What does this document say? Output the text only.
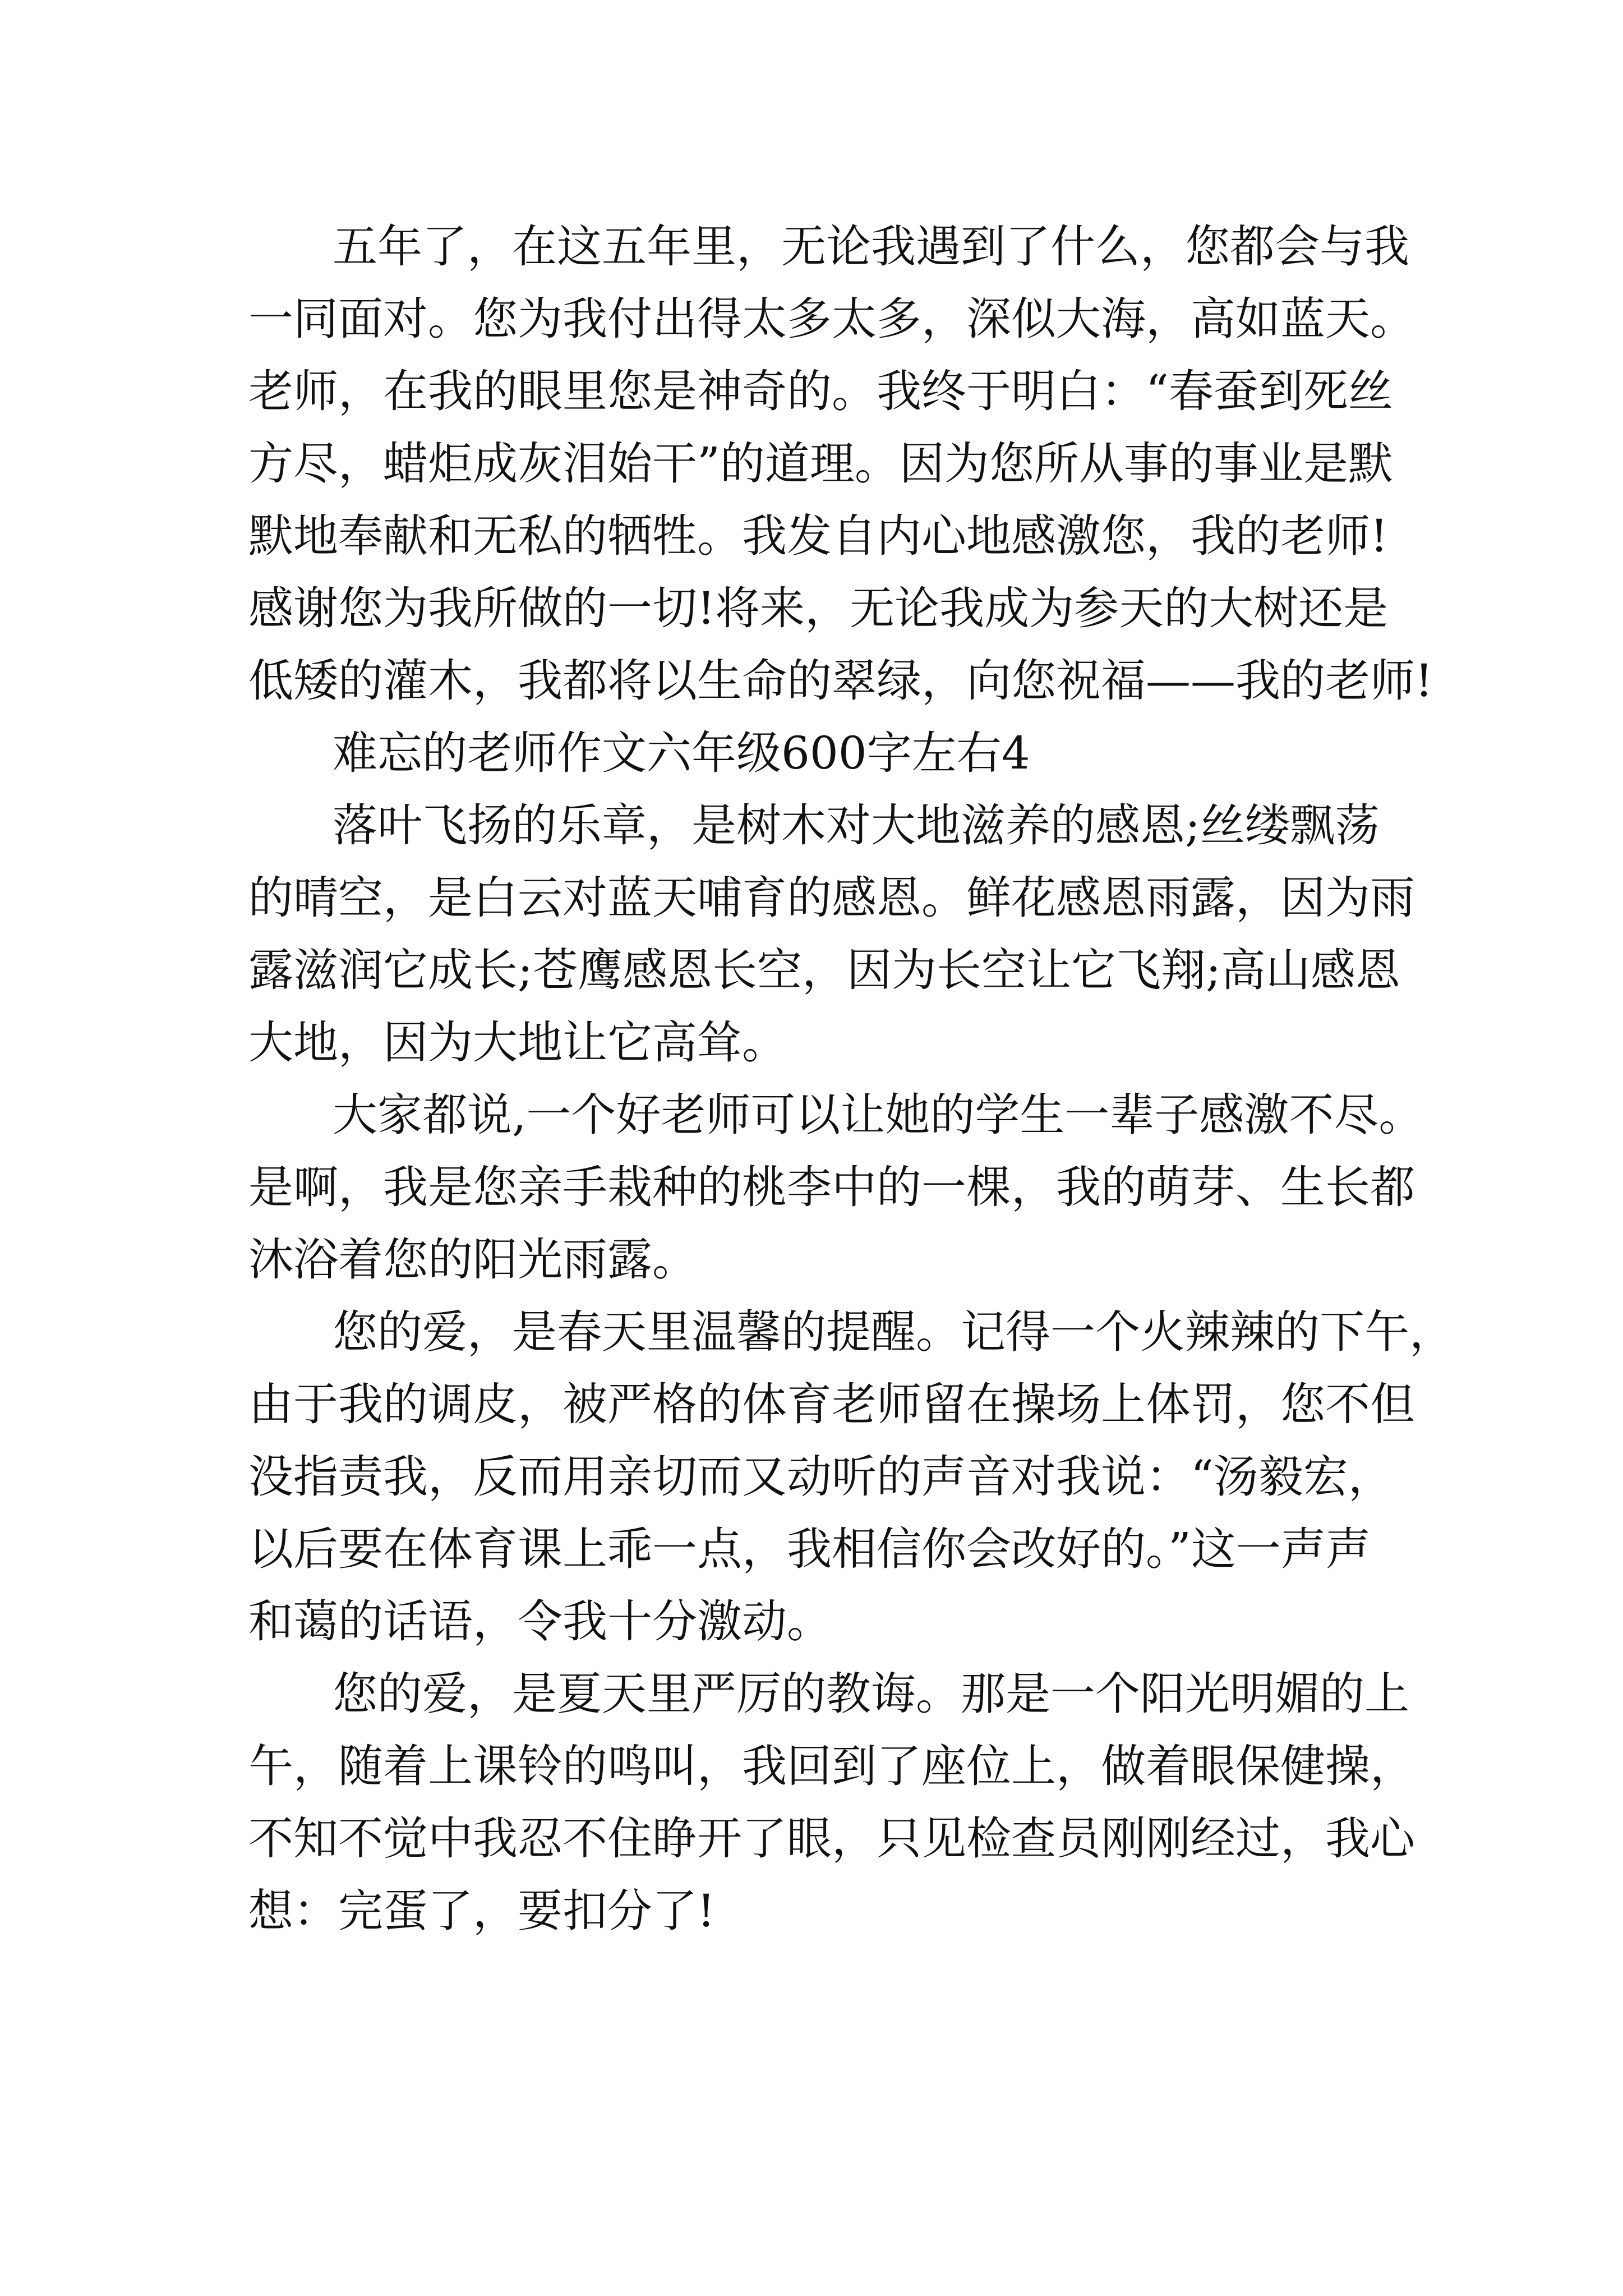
五年了，在这五年里，无论我遇到了什么，您都会与我
一同面对。您为我付出得太多太多，深似大海，高如蓝天。
老师，在我的眼里您是神奇的。我终于明白：“春蚕到死丝
方尽，蜡炬成灰泪始干”的道理。因为您所从事的事业是默
默地奉献和无私的牺牲。我发自内心地感激您，我的老师!
感谢您为我所做的一切!将来，无论我成为参天的大树还是
低矮的灌木，我都将以生命的翠绿，向您祝福——我的老师!
难忘的老师作文六年级600字左右4
落叶飞扬的乐章，是树木对大地滋养的感恩;丝缕飘荡
的晴空，是白云对蓝天哺育的感恩。鲜花感恩雨露，因为雨
露滋润它成长;苍鹰感恩长空，因为长空让它飞翔;高山感恩
大地，因为大地让它高耸。
大家都说,一个好老师可以让她的学生一辈子感激不尽。
是啊，我是您亲手栽种的桃李中的一棵，我的萌芽、生长都
沐浴着您的阳光雨露。
您的爱，是春天里温馨的提醒。记得一个火辣辣的下午，
由于我的调皮，被严格的体育老师留在操场上体罚，您不但
没指责我，反而用亲切而又动听的声音对我说：“汤毅宏，
以后要在体育课上乖一点，我相信你会改好的。”这一声声
和蔼的话语，令我十分激动。
您的爱，是夏天里严厉的教诲。那是一个阳光明媚的上
午，随着上课铃的鸣叫，我回到了座位上，做着眼保健操，
不知不觉中我忍不住睁开了眼，只见检查员刚刚经过，我心
想：完蛋了，要扣分了!
